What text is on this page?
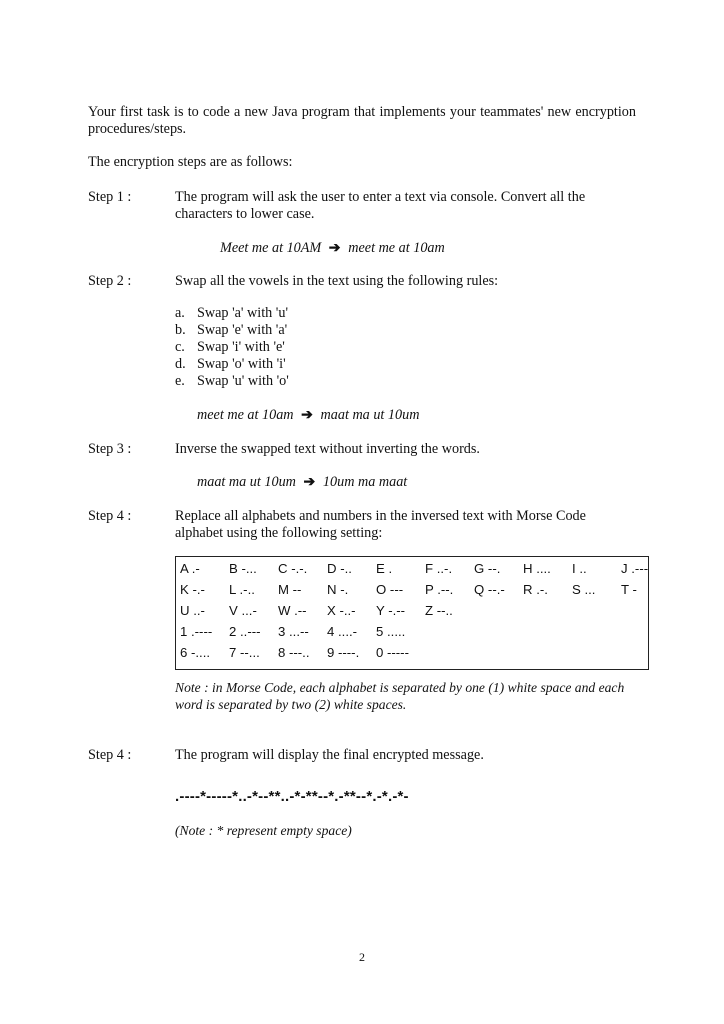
Your first task is to code a new Java program that implements your teammates' new encryption procedures/steps.

The encryption steps are as follows:

Step 1 :	The program will ask the user to enter a text via console. Convert all the characters to lower case.
Meet me at 10AM ➔ meet me at 10am
Step 2 :	Swap all the vowels in the text using the following rules:
a. Swap 'a' with 'u'
b. Swap 'e' with 'a'
c. Swap 'i' with 'e'
d. Swap 'o' with 'i'
e. Swap 'u' with 'o'
meet me at 10am ➔ maat ma ut 10um
Step 3 :	Inverse the swapped text without inverting the words.
maat ma ut 10um ➔ 10um ma maat
Step 4 :	Replace all alphabets and numbers in the inversed text with Morse Code alphabet using the following setting:
A .- B -... C -.-. D -.. E . F ..-. G --. H .... I ..	J .---
K -.- L .-.. M -- N -. O --- P .--. Q --.- R .-. S ... T -
U ..- V ...- W .-- X -..- Y -.-- Z --..
1 .---- 2 ..--- 3 ...-- 4 ....- 5 .....
6 -.... 7 --... 8 ---.. 9 ----. 0 -----
Note : in Morse Code, each alphabet is separated by one (1) white space and each word is separated by two (2) white spaces.
Step 4 :	The program will display the final encrypted message.
.----*-----*..-*--**..-*-**--*.-**--*.-*.-*-
(Note : * represent empty space)
2
